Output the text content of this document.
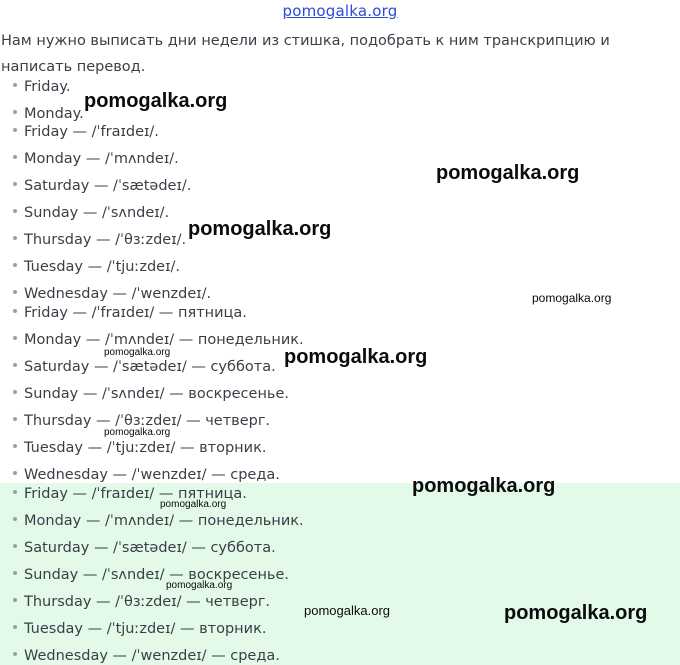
pomogalka.org
Нам нужно выписать дни недели из стишка, подобрать к ним транскрипцию и написать перевод.
Friday.
Monday.
Friday — /ˈfraɪdeɪ/.
Monday — /ˈmʌndeɪ/.
Saturday — /ˈsætədeɪ/.
Sunday — /ˈsʌndeɪ/.
Thursday — /ˈθɜːzdeɪ/.
Tuesday — /ˈtjuːzdeɪ/.
Wednesday — /ˈwenzdeɪ/.
Friday — /ˈfraɪdeɪ/ — пятница.
Monday — /ˈmʌndeɪ/ — понедельник.
Saturday — /ˈsætədeɪ/ — суббота.
Sunday — /ˈsʌndeɪ/ — воскресенье.
Thursday — /ˈθɜːzdeɪ/ — четверг.
Tuesday — /ˈtjuːzdeɪ/ — вторник.
Wednesday — /ˈwenzdeɪ/ — среда.
Friday — /ˈfraɪdeɪ/ — пятница.
Monday — /ˈmʌndeɪ/ — понедельник.
Saturday — /ˈsætədeɪ/ — суббота.
Sunday — /ˈsʌndeɪ/ — воскресенье.
Thursday — /ˈθɜːzdeɪ/ — четверг.
Tuesday — /ˈtjuːzdeɪ/ — вторник.
Wednesday — /ˈwenzdeɪ/ — среда.
pomogalka.org
pomogalka.org
pomogalka.org
pomogalka.org
pomogalka.org	pomogalka.org
pomogalka.org
pomogalka.org
pomogalka.org
pomogalka.org
pomogalka.org	pomogalka.org
